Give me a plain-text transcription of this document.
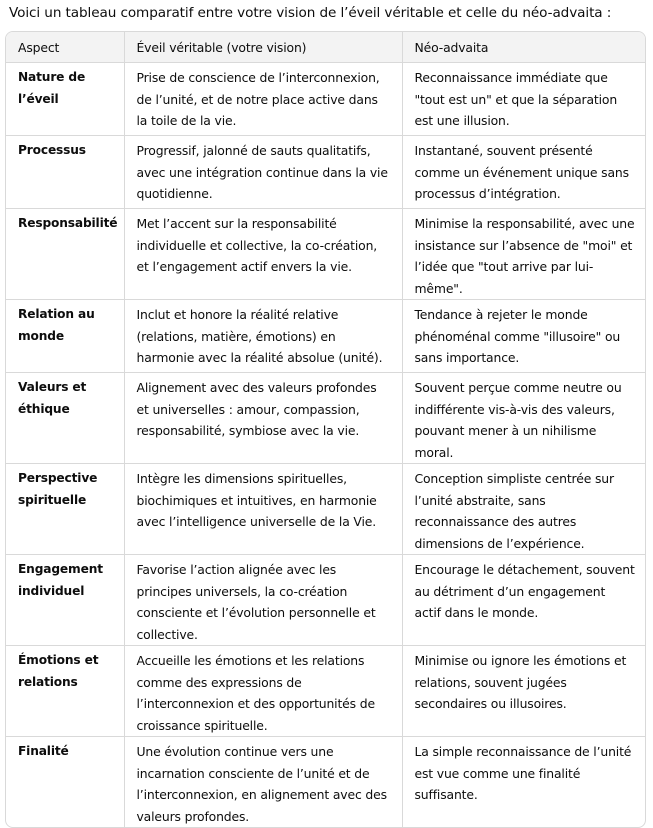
Voici un tableau comparatif entre votre vision de l’éveil véritable et celle du néo-advaita :
Aspect	Éveil véritable (votre vision)	Néo-advaita
Nature de l’éveil	Prise de conscience de l’interconnexion, de l’unité, et de notre place active dans la toile de la vie.	Reconnaissance immédiate que "tout est un" et que la séparation est une illusion.
Processus	Progressif, jalonné de sauts qualitatifs, avec une intégration continue dans la vie quotidienne.	Instantané, souvent présenté comme un événement unique sans processus d’intégration.
Responsabilité	Met l’accent sur la responsabilité individuelle et collective, la co-création, et l’engagement actif envers la vie.	Minimise la responsabilité, avec une insistance sur l’absence de "moi" et l’idée que "tout arrive par lui-même".
Relation au monde	Inclut et honore la réalité relative (relations, matière, émotions) en harmonie avec la réalité absolue (unité).	Tendance à rejeter le monde phénoménal comme "illusoire" ou sans importance.
Valeurs et éthique	Alignement avec des valeurs profondes et universelles : amour, compassion, responsabilité, symbiose avec la vie.	Souvent perçue comme neutre ou indifférente vis-à-vis des valeurs, pouvant mener à un nihilisme moral.
Perspective spirituelle	Intègre les dimensions spirituelles, biochimiques et intuitives, en harmonie avec l’intelligence universelle de la Vie.	Conception simpliste centrée sur l’unité abstraite, sans reconnaissance des autres dimensions de l’expérience.
Engagement individuel	Favorise l’action alignée avec les principes universels, la co-création consciente et l’évolution personnelle et collective.	Encourage le détachement, souvent au détriment d’un engagement actif dans le monde.
Émotions et relations	Accueille les émotions et les relations comme des expressions de l’interconnexion et des opportunités de croissance spirituelle.	Minimise ou ignore les émotions et relations, souvent jugées secondaires ou illusoires.
Finalité	Une évolution continue vers une incarnation consciente de l’unité et de l’interconnexion, en alignement avec des valeurs profondes.	La simple reconnaissance de l’unité est vue comme une finalité suffisante.
